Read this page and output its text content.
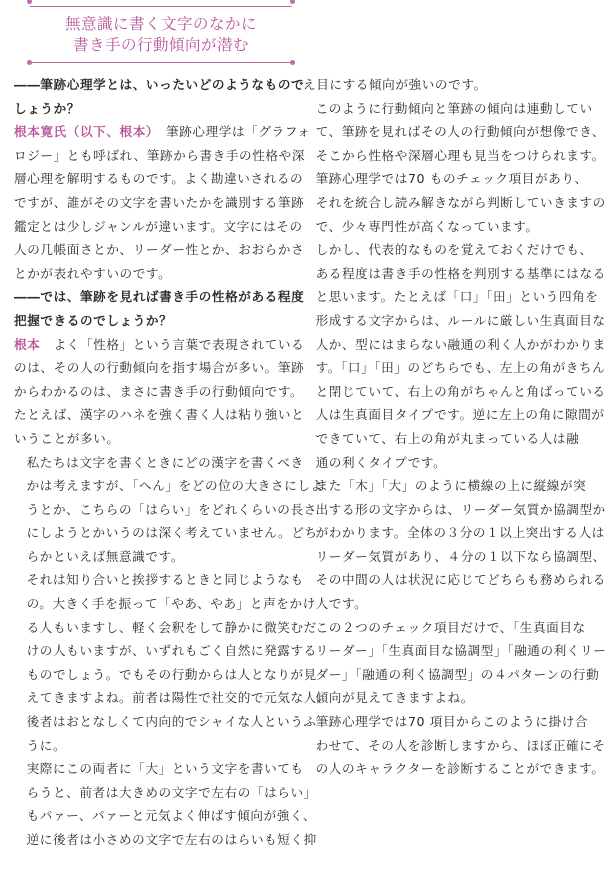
無意識に書く文字のなかに
書き手の行動傾向が潜む

――筆跡心理学とは、いったいどのようなもので
しょうか？

根本寛氏（以下、根本）　筆跡心理学は「グラフォ
ロジー」とも呼ばれ、筆跡から書き手の性格や深
層心理を解明するものです。よく勘違いされるの
ですが、誰がその文字を書いたかを識別する筆跡
鑑定とは少しジャンルが違います。文字にはその
人の几帳面さとか、リーダー性とか、おおらかさ
とかが表れやすいのです。

――では、筆跡を見れば書き手の性格がある程度
把握できるのでしょうか？

根本　よく「性格」という言葉で表現されている
のは、その人の行動傾向を指す場合が多い。筆跡
からわかるのは、まさに書き手の行動傾向です。
たとえば、漢字のハネを強く書く人は粘り強いと
いうことが多い。

私たちは文字を書くときにどの漢字を書くべき
かは考えますが、「へん」をどの位の大きさにしよ
うとか、こちらの「はらい」をどれくらいの長さ
にしようとかいうのは深く考えていません。どち
らかといえば無意識です。

それは知り合いと挨拶するときと同じようなも
の。大きく手を振って「やあ、やあ」と声をかけ
る人もいますし、軽く会釈をして静かに微笑むだ
けの人もいますが、いずれもごく自然に発露する
ものでしょう。でもその行動からは人となりが見
えてきますよね。前者は陽性で社交的で元気な人、
後者はおとなしくて内向的でシャイな人というふ
うに。

実際にこの両者に「大」という文字を書いても
らうと、前者は大きめの文字で左右の「はらい」
もパァー、パァーと元気よく伸ばす傾向が強く、
逆に後者は小さめの文字で左右のはらいも短く抑

え目にする傾向が強いのです。

このように行動傾向と筆跡の傾向は連動してい
て、筆跡を見ればその人の行動傾向が想像でき、
そこから性格や深層心理も見当をつけられます。

筆跡心理学では70 ものチェック項目があり、
それを統合し読み解きながら判断していきますの
で、少々専門性が高くなっています。

しかし、代表的なものを覚えておくだけでも、
ある程度は書き手の性格を判別する基準にはなる
と思います。たとえば「口」「田」という四角を
形成する文字からは、ルールに厳しい生真面目な
人か、型にはまらない融通の利く人かがわかりま
す。「口」「田」のどちらでも、左上の角がきちん
と閉じていて、右上の角がちゃんと角ばっている
人は生真面目タイプです。逆に左上の角に隙間が
できていて、右上の角が丸まっている人は融
通の利くタイプです。

また「木」「大」のように横線の上に縦線が突
出する形の文字からは、リーダー気質か協調型か
がわかります。全体の３分の１以上突出する人は
リーダー気質があり、４分の１以下なら協調型、
その中間の人は状況に応じてどちらも務められる
人です。

この２つのチェック項目だけで、「生真面目な
リーダー」「生真面目な協調型」「融通の利くリー
ダー」「融通の利く協調型」の４パターンの行動
傾向が見えてきますよね。

筆跡心理学では70 項目からこのように掛け合
わせて、その人を診断しますから、ほぼ正確にそ
の人のキャラクターを診断することができます。
